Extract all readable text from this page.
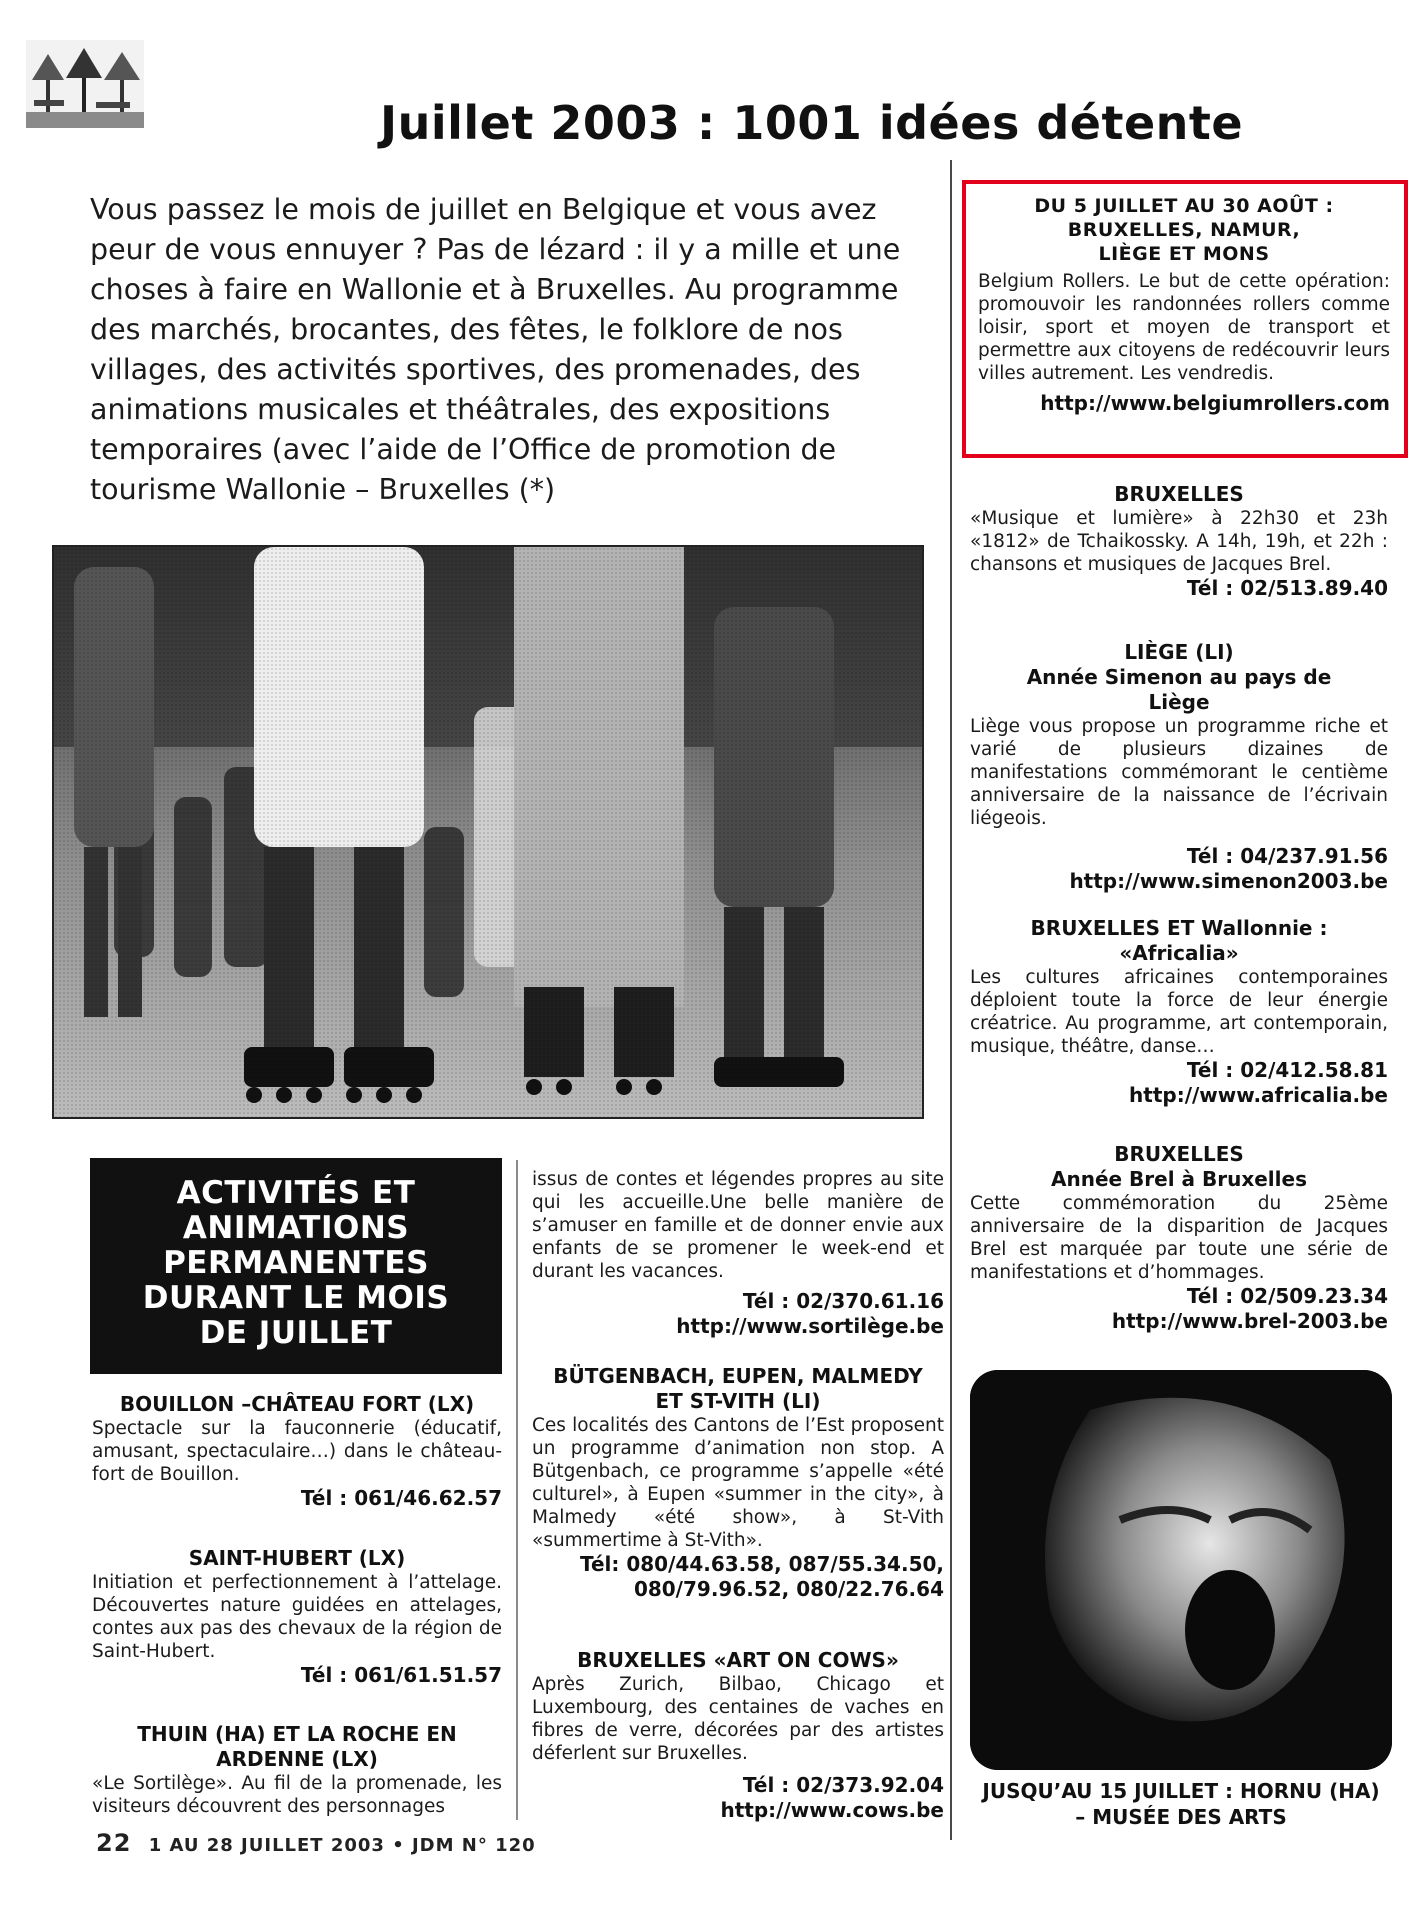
Juillet 2003 : 1001 idées détente
Vous passez le mois de juillet en Belgique et vous avez peur de vous ennuyer ? Pas de lézard : il y a mille et une choses à faire en Wallonie et à Bruxelles. Au programme des marchés, brocantes, des fêtes, le folklore de nos villages, des activités sportives, des promenades, des animations musicales et théâtrales, des expositions temporaires (avec l’aide de l’Office de promotion de tourisme Wallonie – Bruxelles (*)
DU 5 JUILLET AU 30 AOÛT :
BRUXELLES, NAMUR,
LIÈGE ET MONS
Belgium Rollers. Le but de cette opération: promouvoir les randonnées rollers comme loisir, sport et moyen de transport et permettre aux citoyens de redécouvrir leurs villes autrement. Les vendredis.
http://www.belgiumrollers.com
BRUXELLES
«Musique et lumière» à 22h30 et 23h «1812» de Tchaikossky. A 14h, 19h, et 22h : chansons et musiques de Jacques Brel.
Tél : 02/513.89.40
LIÈGE (LI)
Année Simenon au pays de Liège
Liège vous propose un programme riche et varié de plusieurs dizaines de manifestations commémorant le centième anniversaire de la naissance de l’écrivain liégeois.
Tél : 04/237.91.56
http://www.simenon2003.be
BRUXELLES ET Wallonnie :
«Africalia»
Les cultures africaines contemporaines déploient toute la force de leur énergie créatrice. Au programme, art contemporain, musique, théâtre, danse…
Tél : 02/412.58.81
http://www.africalia.be
BRUXELLES
Année Brel à Bruxelles
Cette commémoration du 25ème anniversaire de la disparition de Jacques Brel est marquée par toute une série de manifestations et d’hommages.
Tél : 02/509.23.34
http://www.brel-2003.be
JUSQU’AU 15 JUILLET : HORNU (HA) – MUSÉE DES ARTS
ACTIVITÉS ET
ANIMATIONS
PERMANENTES
DURANT LE MOIS
DE JUILLET
BOUILLON –CHÂTEAU FORT (LX)
Spectacle sur la fauconnerie (éducatif, amusant, spectaculaire…) dans le château-fort de Bouillon.
Tél : 061/46.62.57
SAINT-HUBERT (LX)
Initiation et perfectionnement à l’attelage. Découvertes nature guidées en attelages, contes aux pas des chevaux de la région de Saint-Hubert.
Tél : 061/61.51.57
THUIN (HA) ET LA ROCHE EN ARDENNE (LX)
«Le Sortilège». Au fil de la promenade, les visiteurs découvrent des personnages
issus de contes et légendes propres au site qui les accueille.Une belle manière de s’amuser en famille et de donner envie aux enfants de se promener le week-end et durant les vacances.
Tél : 02/370.61.16
http://www.sortilège.be
BÜTGENBACH, EUPEN, MALMEDY ET ST-VITH (LI)
Ces localités des Cantons de l’Est proposent un programme d’animation non stop. A Bütgenbach, ce programme s’appelle «été culturel», à Eupen «summer in the city», à Malmedy «été show», à St-Vith «summertime à St-Vith».
Tél: 080/44.63.58, 087/55.34.50,
080/79.96.52, 080/22.76.64
BRUXELLES «ART ON COWS»
Après Zurich, Bilbao, Chicago et Luxembourg, des centaines de vaches en fibres de verre, décorées par des artistes déferlent sur Bruxelles.
Tél : 02/373.92.04
http://www.cows.be
22 1 AU 28 JUILLET 2003 • JDM N° 120
